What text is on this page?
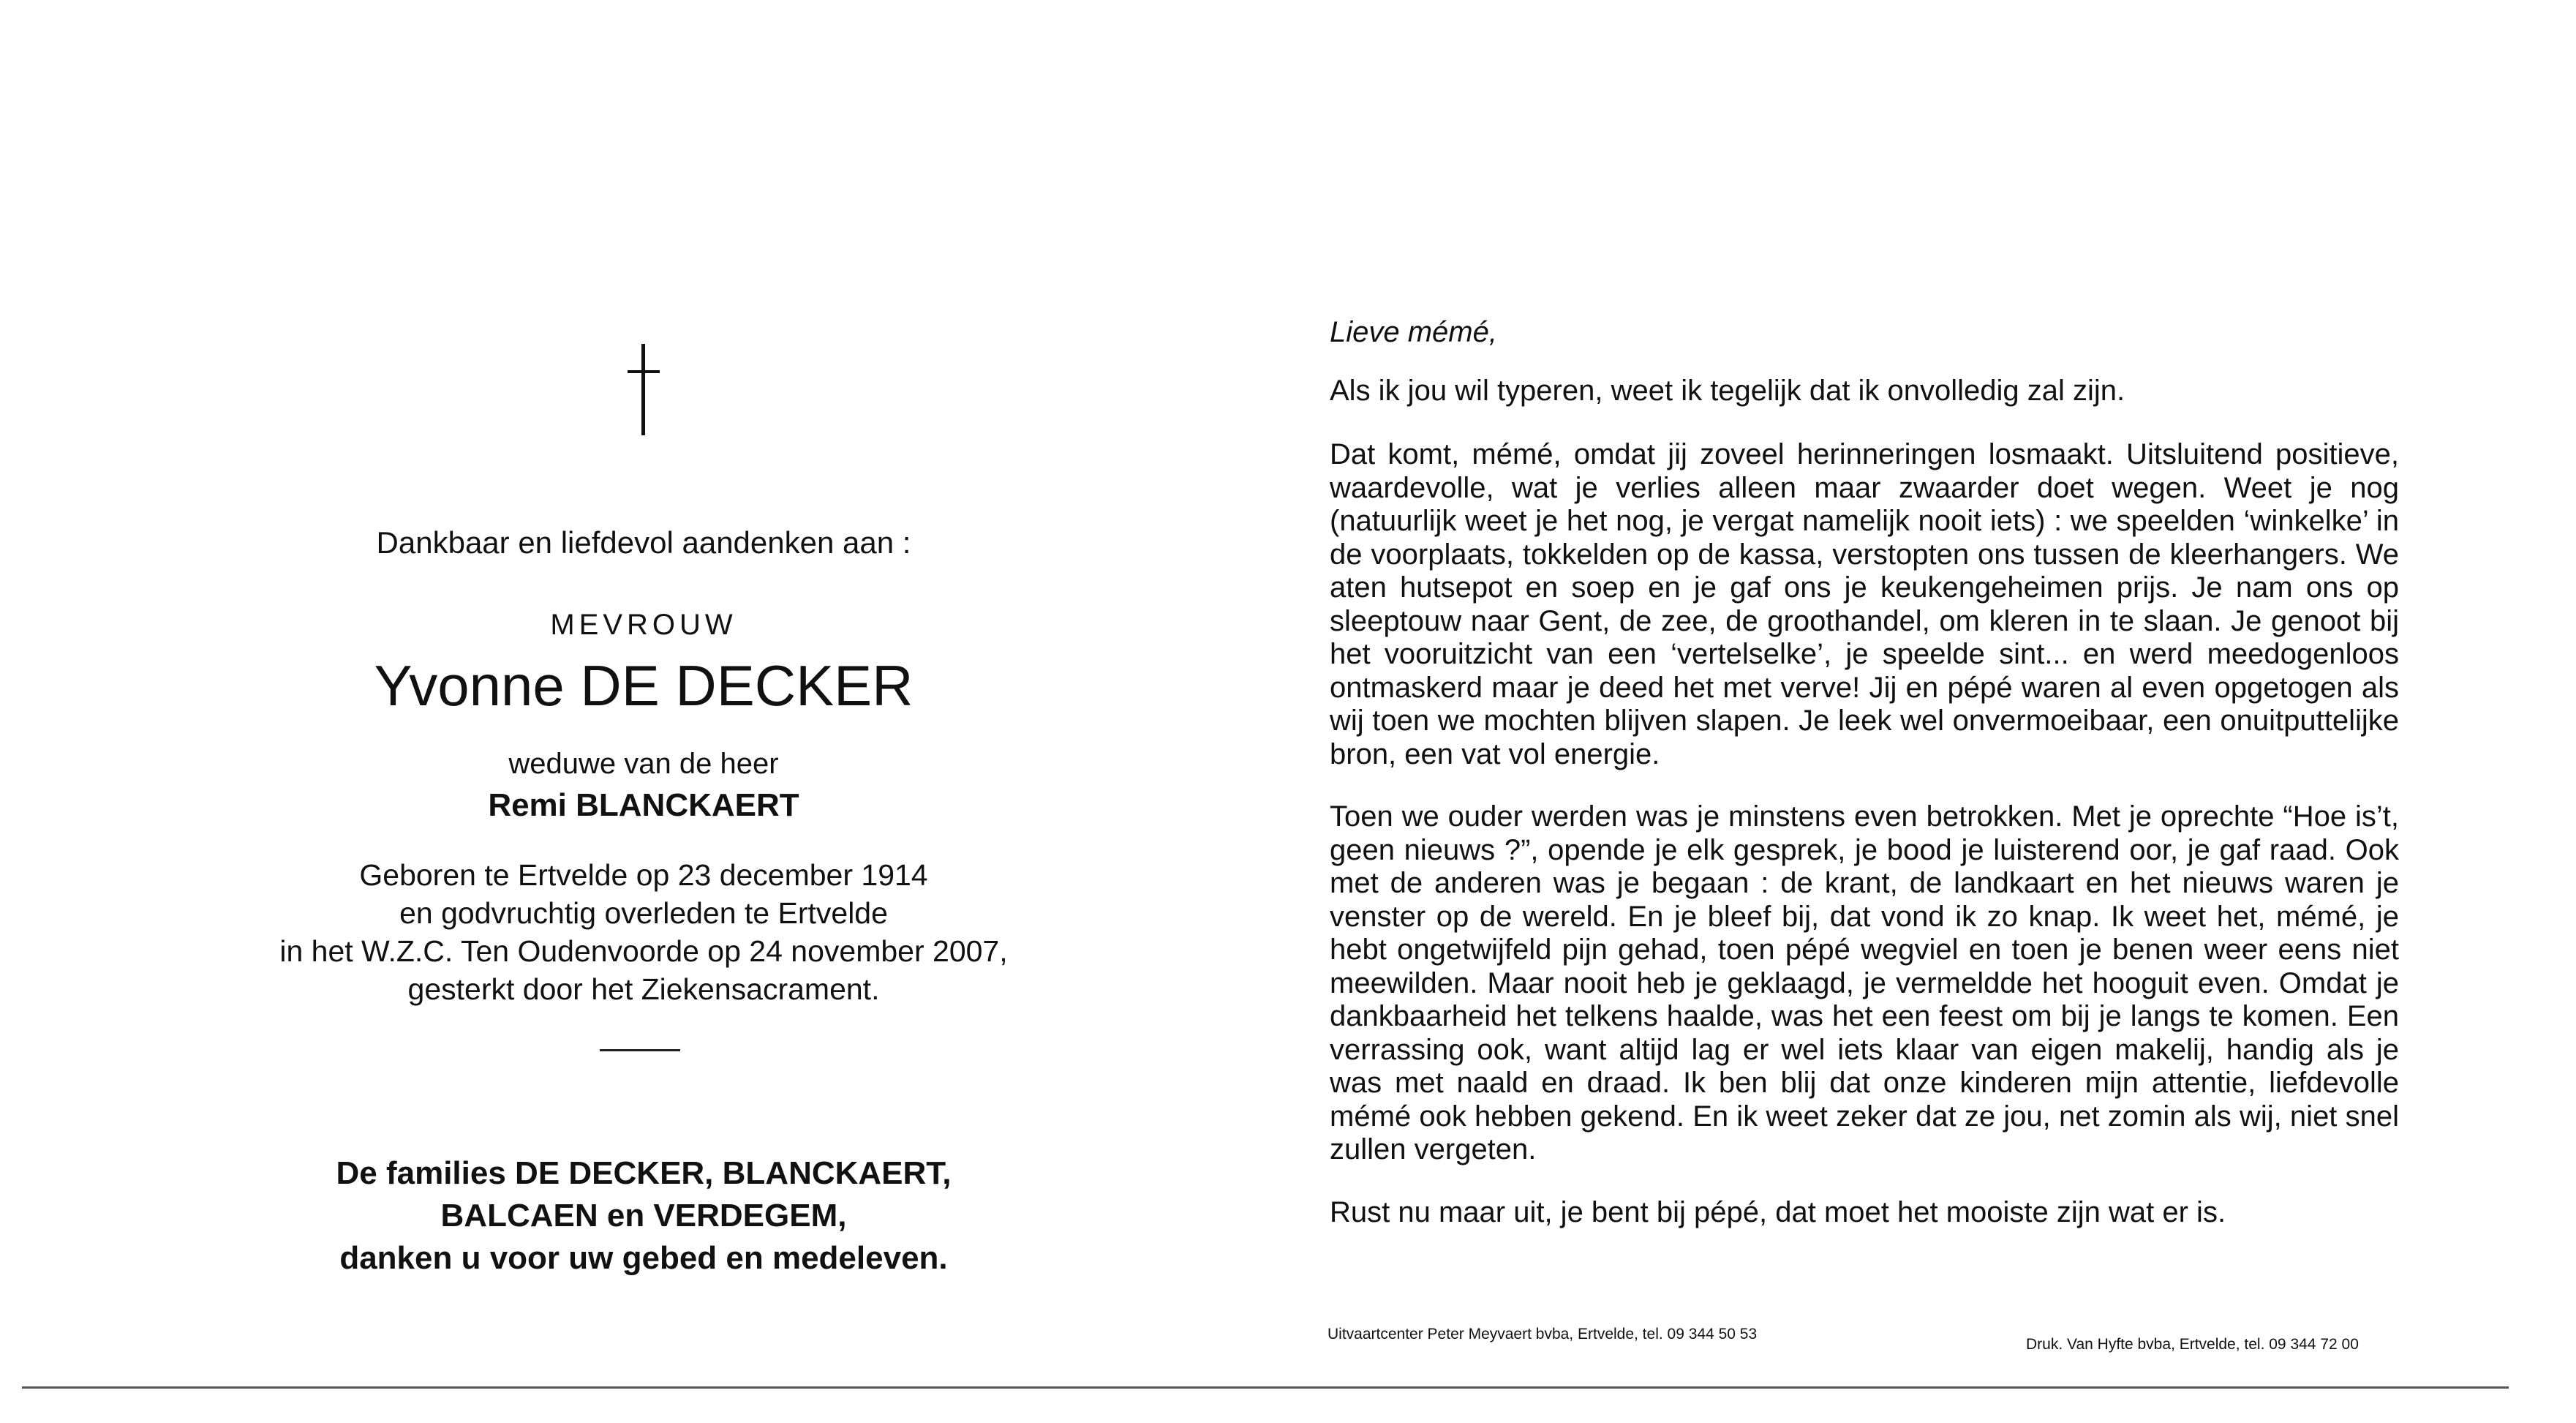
Dankbaar en liefdevol aandenken aan :
MEVROUW
Yvonne DE DECKER
weduwe van de heer
Remi BLANCKAERT
Geboren te Ertvelde op 23 december 1914
en godvruchtig overleden te Ertvelde
in het W.Z.C. Ten Oudenvoorde op 24 november 2007,
gesterkt door het Ziekensacrament.
De families DE DECKER, BLANCKAERT,
BALCAEN en VERDEGEM,
danken u voor uw gebed en medeleven.
Lieve mémé,
Als ik jou wil typeren, weet ik tegelijk dat ik onvolledig zal zijn.
Dat komt, mémé, omdat jij zoveel herinneringen losmaakt. Uitsluitend positieve, waardevolle, wat je verlies alleen maar zwaarder doet wegen. Weet je nog (natuurlijk weet je het nog, je vergat namelijk nooit iets) : we speelden ‘winkelke’ in de voorplaats, tokkelden op de kassa, verstopten ons tussen de kleerhangers. We aten hutsepot en soep en je gaf ons je keukengeheimen prijs. Je nam ons op sleeptouw naar Gent, de zee, de groothandel, om kleren in te slaan. Je genoot bij het vooruitzicht van een ‘vertelselke’, je speelde sint... en werd meedogenloos ontmaskerd maar je deed het met verve! Jij en pépé waren al even opgetogen als wij toen we mochten blijven slapen. Je leek wel onvermoeibaar, een onuitputtelijke bron, een vat vol energie.
Toen we ouder werden was je minstens even betrokken. Met je oprechte “Hoe is’t, geen nieuws ?”, opende je elk gesprek, je bood je luisterend oor, je gaf raad. Ook met de anderen was je begaan : de krant, de landkaart en het nieuws waren je venster op de wereld. En je bleef bij, dat vond ik zo knap. Ik weet het, mémé, je hebt ongetwijfeld pijn gehad, toen pépé wegviel en toen je benen weer eens niet meewilden. Maar nooit heb je geklaagd, je vermeldde het hooguit even. Omdat je dankbaarheid het telkens haalde, was het een feest om bij je langs te komen. Een verrassing ook, want altijd lag er wel iets klaar van eigen makelij, handig als je was met naald en draad. Ik ben blij dat onze kinderen mijn attentie, liefdevolle mémé ook hebben gekend. En ik weet zeker dat ze jou, net zomin als wij, niet snel zullen vergeten.
Rust nu maar uit, je bent bij pépé, dat moet het mooiste zijn wat er is.
Uitvaartcenter Peter Meyvaert bvba, Ertvelde, tel. 09 344 50 53
Druk. Van Hyfte bvba, Ertvelde, tel. 09 344 72 00
